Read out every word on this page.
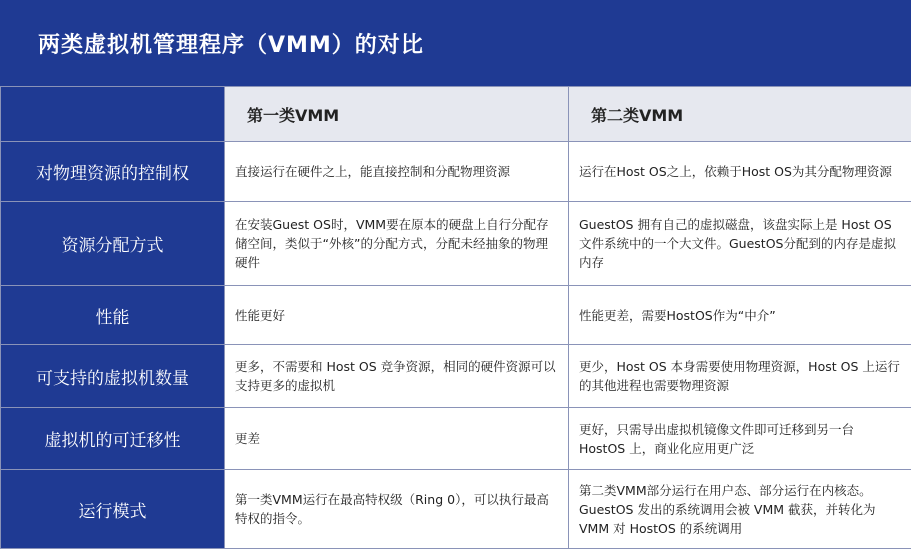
两类虚拟机管理程序（VMM）的对比
	第一类VMM	第二类VMM
对物理资源的控制权	直接运行在硬件之上，能直接控制和分配物理资源	运行在Host OS之上，依赖于Host OS为其分配物理资源
资源分配方式	在安装Guest OS时，VMM要在原本的硬盘上自行分配存储空间，类似于“外核”的分配方式，分配未经抽象的物理硬件	GuestOS 拥有自己的虚拟磁盘，该盘实际上是 Host OS 文件系统中的一个大文件。GuestOS分配到的内存是虚拟内存
性能	性能更好	性能更差，需要HostOS作为“中介”
可支持的虚拟机数量	更多，不需要和 Host OS 竞争资源，相同的硬件资源可以支持更多的虚拟机	更少，Host OS 本身需要使用物理资源，Host OS 上运行的其他进程也需要物理资源
虚拟机的可迁移性	更差	更好，只需导出虚拟机镜像文件即可迁移到另一台 HostOS 上，商业化应用更广泛
运行模式	第一类VMM运行在最高特权级（Ring 0），可以执行最高特权的指令。	第二类VMM部分运行在用户态、部分运行在内核态。GuestOS 发出的系统调用会被 VMM 截获，并转化为 VMM 对 HostOS 的系统调用
